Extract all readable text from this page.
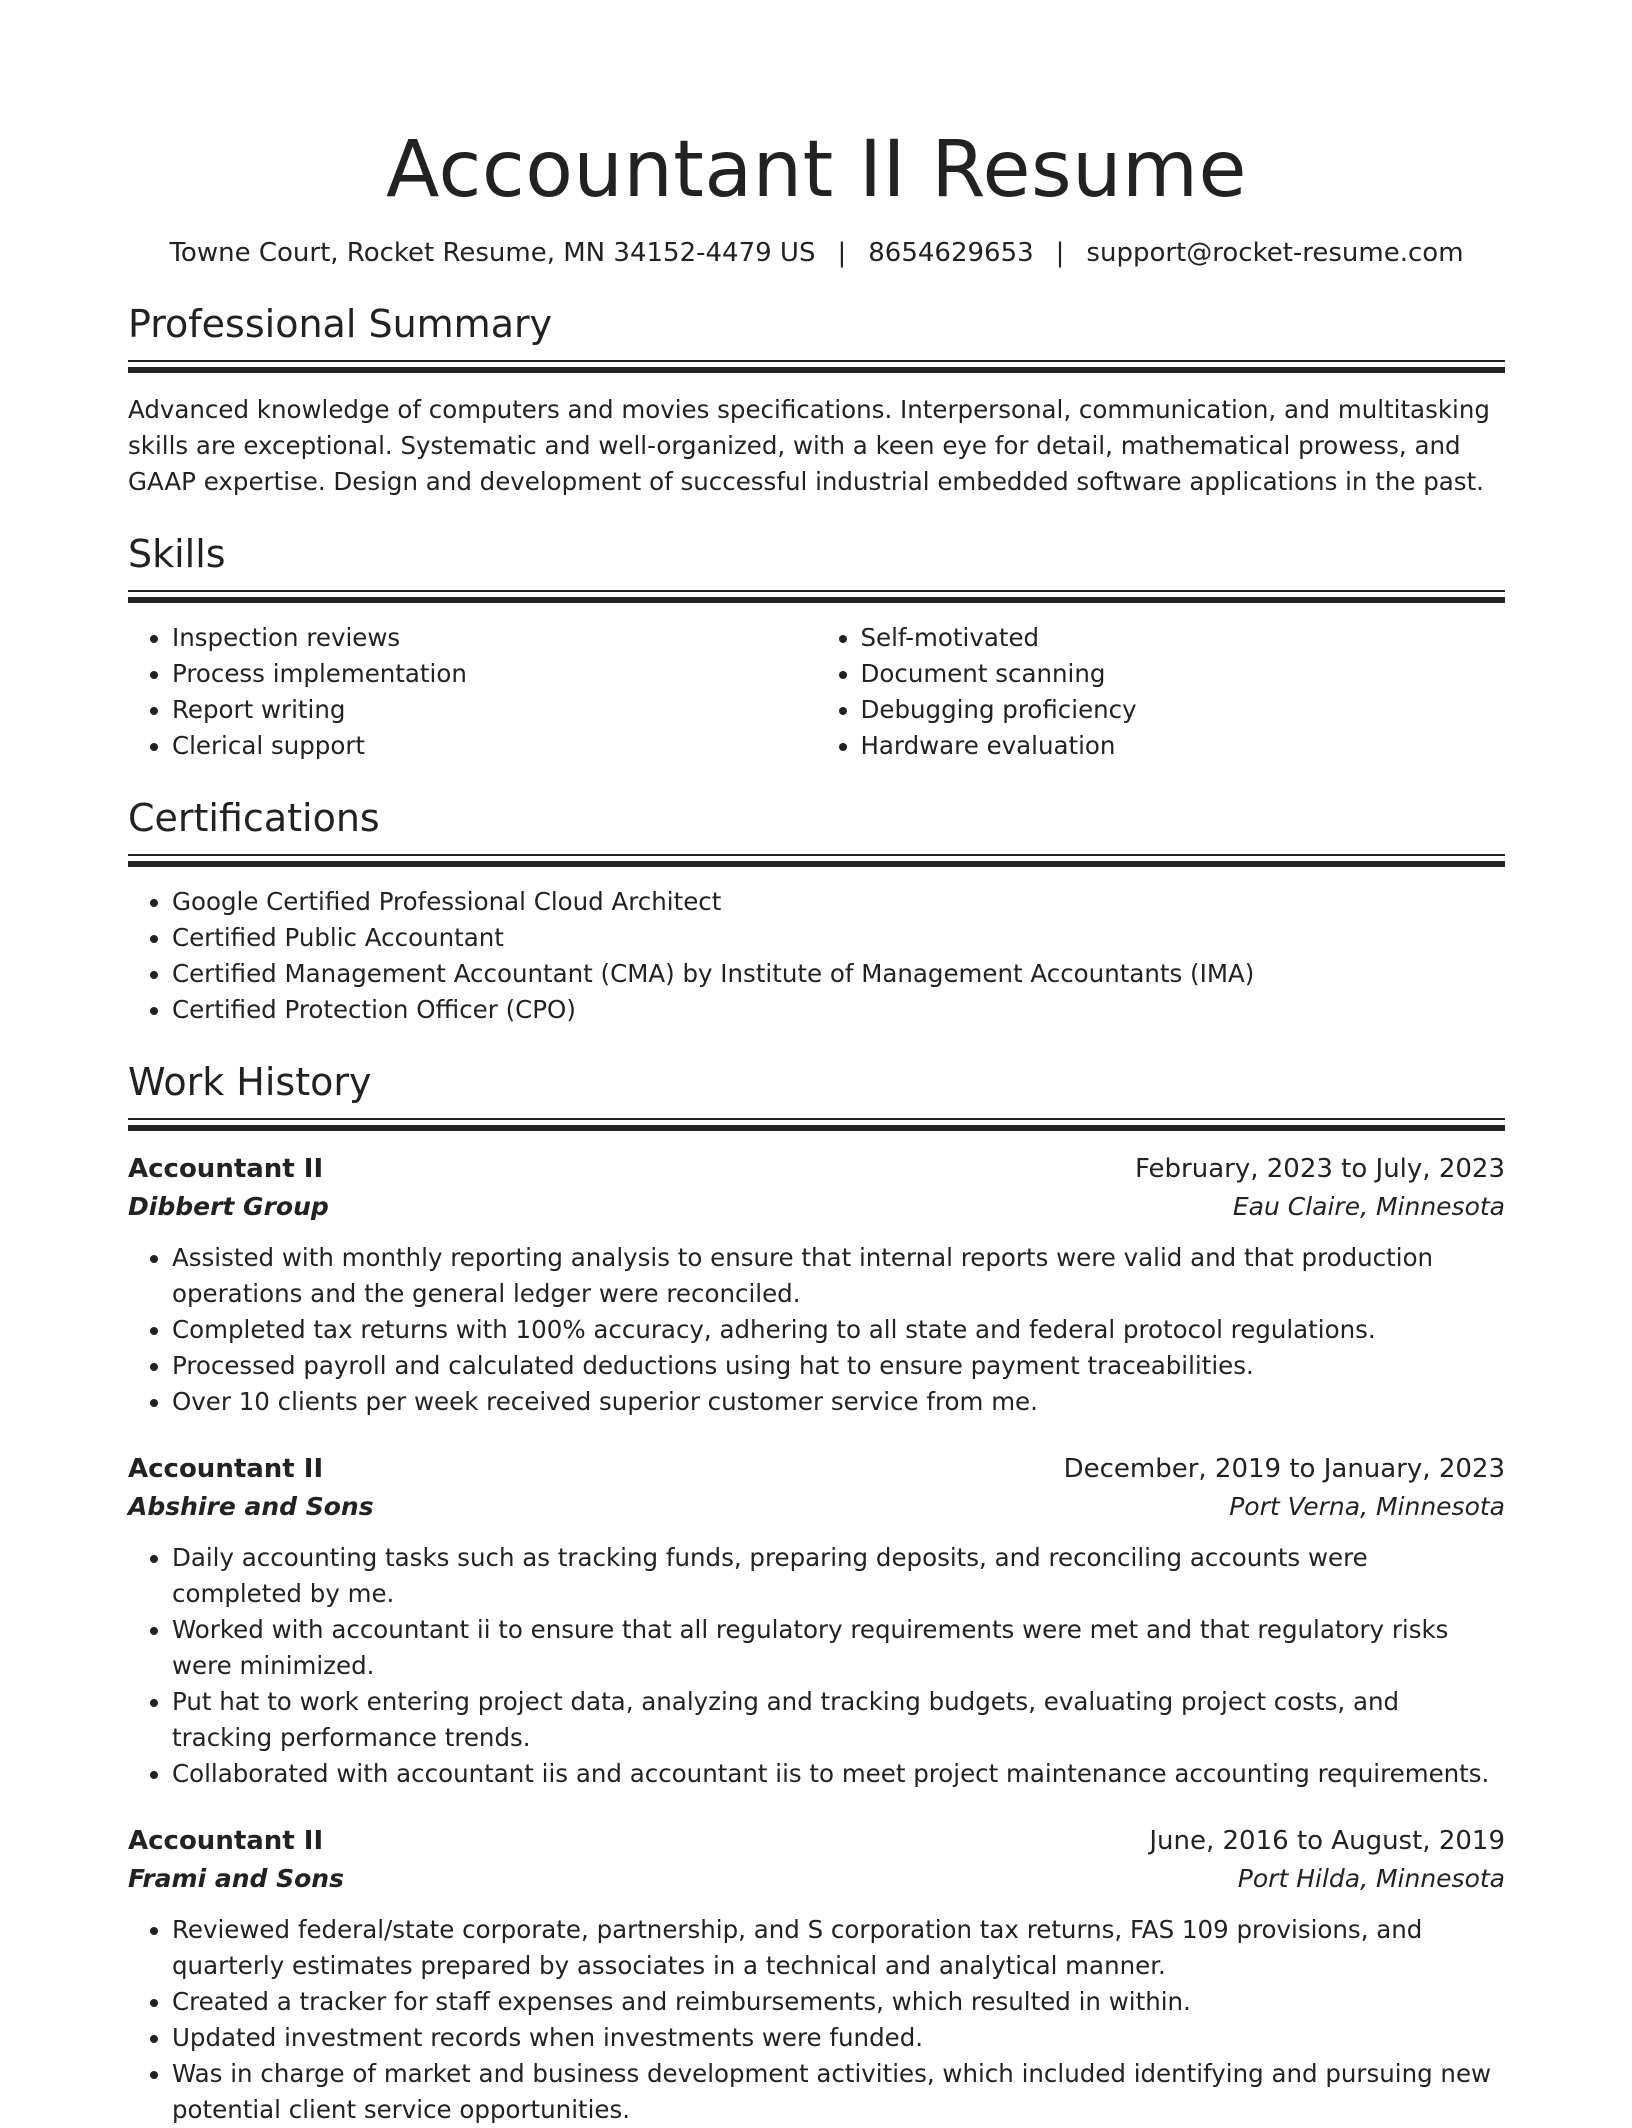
Accountant II Resume
Towne Court, Rocket Resume, MN 34152-4479 US | 8654629653 | support@rocket-resume.com
Professional Summary
Advanced knowledge of computers and movies specifications. Interpersonal, communication, and multitasking skills are exceptional. Systematic and well-organized, with a keen eye for detail, mathematical prowess, and GAAP expertise. Design and development of successful industrial embedded software applications in the past.
Skills
• Inspection reviews
• Process implementation
• Report writing
• Clerical support
• Self-motivated
• Document scanning
• Debugging proficiency
• Hardware evaluation
Certifications
• Google Certified Professional Cloud Architect
• Certified Public Accountant
• Certified Management Accountant (CMA) by Institute of Management Accountants (IMA)
• Certified Protection Officer (CPO)
Work History
Accountant II	February, 2023 to July, 2023
Dibbert Group	Eau Claire, Minnesota
• Assisted with monthly reporting analysis to ensure that internal reports were valid and that production operations and the general ledger were reconciled.
• Completed tax returns with 100% accuracy, adhering to all state and federal protocol regulations.
• Processed payroll and calculated deductions using hat to ensure payment traceabilities.
• Over 10 clients per week received superior customer service from me.
Accountant II	December, 2019 to January, 2023
Abshire and Sons	Port Verna, Minnesota
• Daily accounting tasks such as tracking funds, preparing deposits, and reconciling accounts were completed by me.
• Worked with accountant ii to ensure that all regulatory requirements were met and that regulatory risks were minimized.
• Put hat to work entering project data, analyzing and tracking budgets, evaluating project costs, and tracking performance trends.
• Collaborated with accountant iis and accountant iis to meet project maintenance accounting requirements.
Accountant II	June, 2016 to August, 2019
Frami and Sons	Port Hilda, Minnesota
• Reviewed federal/state corporate, partnership, and S corporation tax returns, FAS 109 provisions, and quarterly estimates prepared by associates in a technical and analytical manner.
• Created a tracker for staff expenses and reimbursements, which resulted in within.
• Updated investment records when investments were funded.
• Was in charge of market and business development activities, which included identifying and pursuing new potential client service opportunities.
